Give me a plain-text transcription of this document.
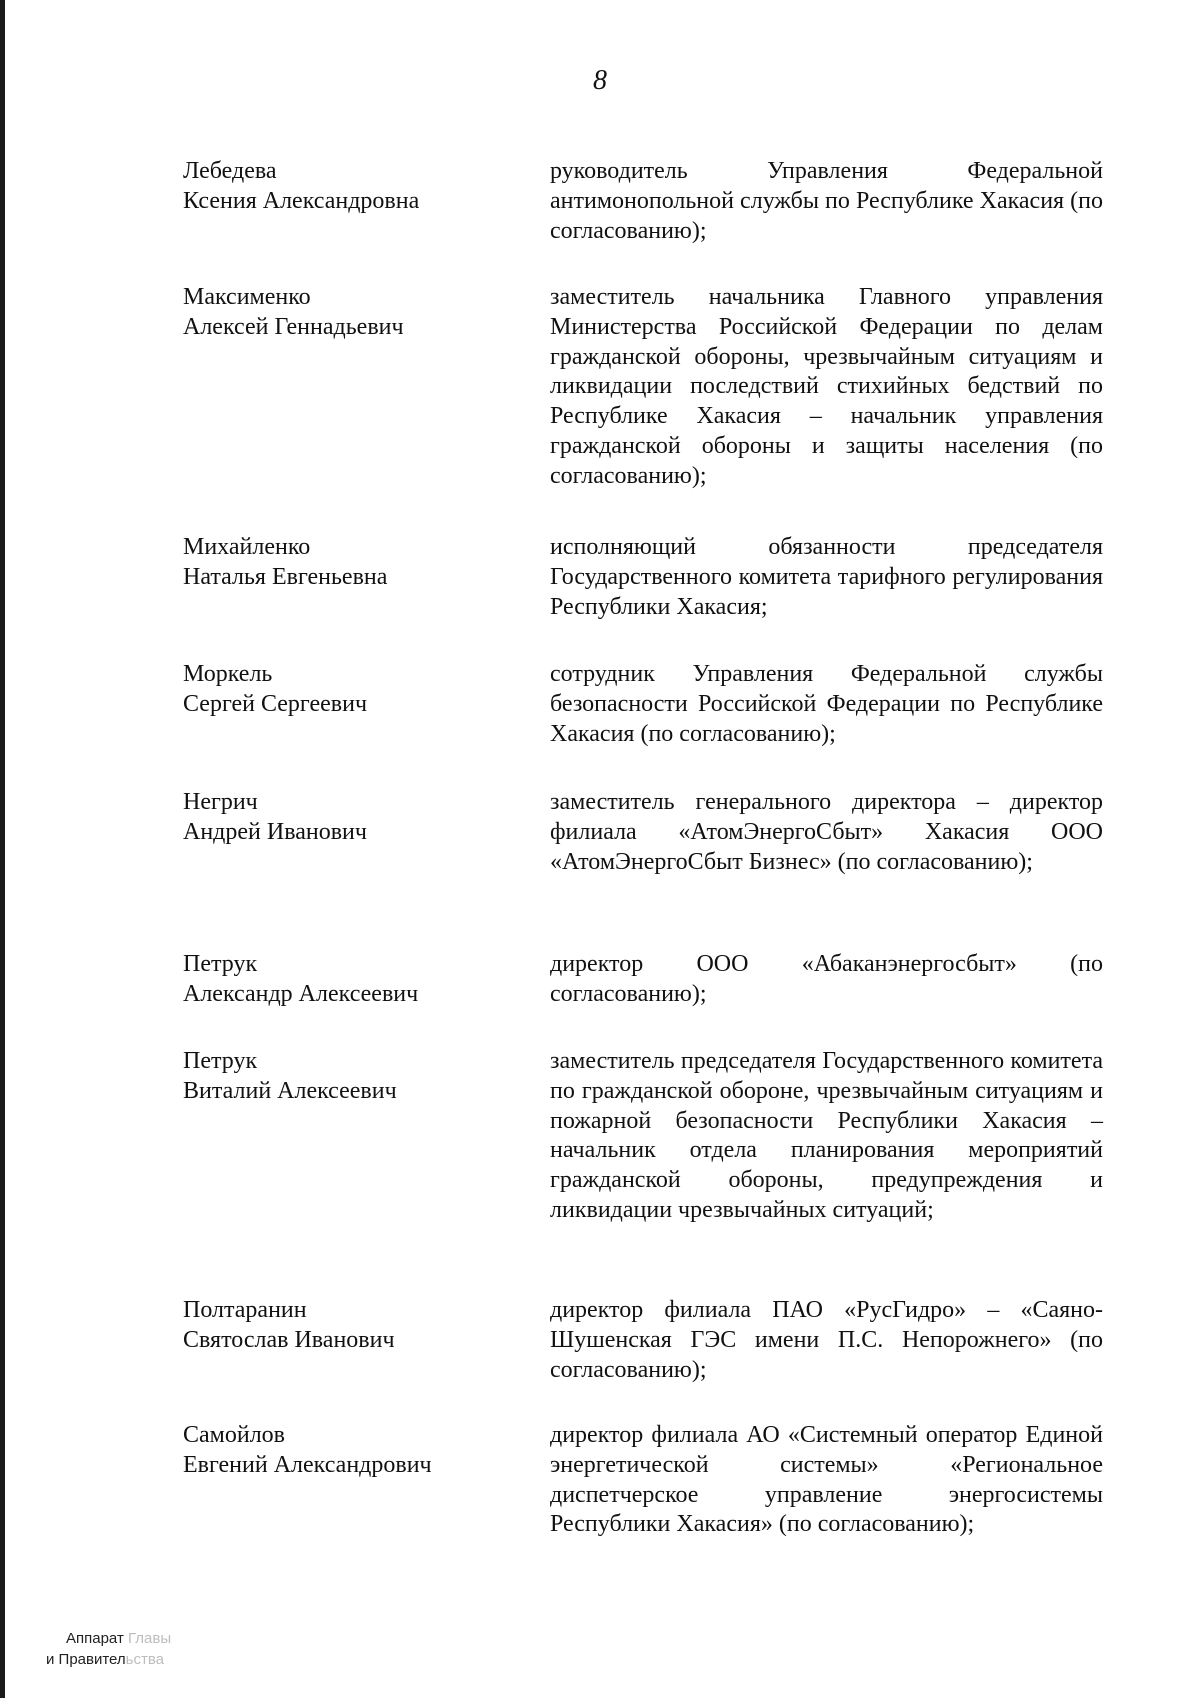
8
Лебедева
Ксения Александровна
руководитель Управления Федеральной антимонопольной службы по Республике Хакасия (по согласованию);
Максименко
Алексей Геннадьевич
заместитель начальника Главного управления Министерства Российской Федерации по делам гражданской обороны, чрезвычайным ситуациям и ликвидации последствий стихийных бедствий по Республике Хакасия – начальник управления гражданской обороны и защиты населения (по согласованию);
Михайленко
Наталья Евгеньевна
исполняющий обязанности председателя Государственного комитета тарифного регулирования Республики Хакасия;
Моркель
Сергей Сергеевич
сотрудник Управления Федеральной службы безопасности Российской Федерации по Республике Хакасия (по согласованию);
Негрич
Андрей Иванович
заместитель генерального директора – директор филиала «АтомЭнергоСбыт» Хакасия ООО «АтомЭнергоСбыт Бизнес» (по согласованию);
Петрук
Александр Алексеевич
директор ООО «Абаканэнергосбыт» (по согласованию);
Петрук
Виталий Алексеевич
заместитель председателя Государственного комитета по гражданской обороне, чрезвычайным ситуациям и пожарной безопасности Республики Хакасия – начальник отдела планирования мероприятий гражданской обороны, предупреждения и ликвидации чрезвычайных ситуаций;
Полтаранин
Святослав Иванович
директор филиала ПАО «РусГидро» – «Саяно-Шушенская ГЭС имени П.С. Непорожнего» (по согласованию);
Самойлов
Евгений Александрович
директор филиала АО «Системный оператор Единой энергетической системы» «Региональное диспетчерское управление энергосистемы Республики Хакасия» (по согласованию);
Аппарат Главы
и Правительства
